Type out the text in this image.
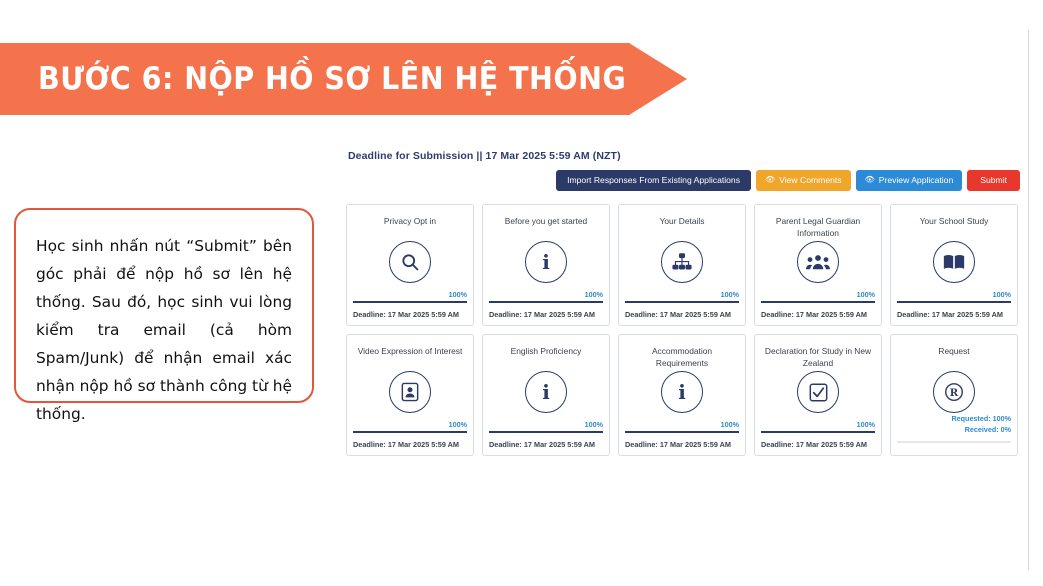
BƯỚC 6: NỘP HỒ SƠ LÊN HỆ THỐNG

Học sinh nhấn nút “Submit” bên góc phải để nộp hồ sơ lên hệ thống. Sau đó, học sinh vui lòng kiểm tra email (cả hòm Spam/Junk) để nhận email xác nhận nộp hồ sơ thành công từ hệ thống.

Deadline for Submission || 17 Mar 2025 5:59 AM (NZT)
Import Responses From Existing Applications	👁 View Comments	👁 Preview Application	Submit
Privacy Opt in
100%
Deadline: 17 Mar 2025 5:59 AM
Before you get started
i
100%
Deadline: 17 Mar 2025 5:59 AM
Your Details
100%
Deadline: 17 Mar 2025 5:59 AM
Parent Legal Guardian Information
100%
Deadline: 17 Mar 2025 5:59 AM
Your School Study
100%
Deadline: 17 Mar 2025 5:59 AM
Video Expression of Interest
100%
Deadline: 17 Mar 2025 5:59 AM
English Proficiency
i
100%
Deadline: 17 Mar 2025 5:59 AM
Accommodation Requirements
i
100%
Deadline: 17 Mar 2025 5:59 AM
Declaration for Study in New Zealand
100%
Deadline: 17 Mar 2025 5:59 AM
Request
R
Requested: 100%
Received: 0%
